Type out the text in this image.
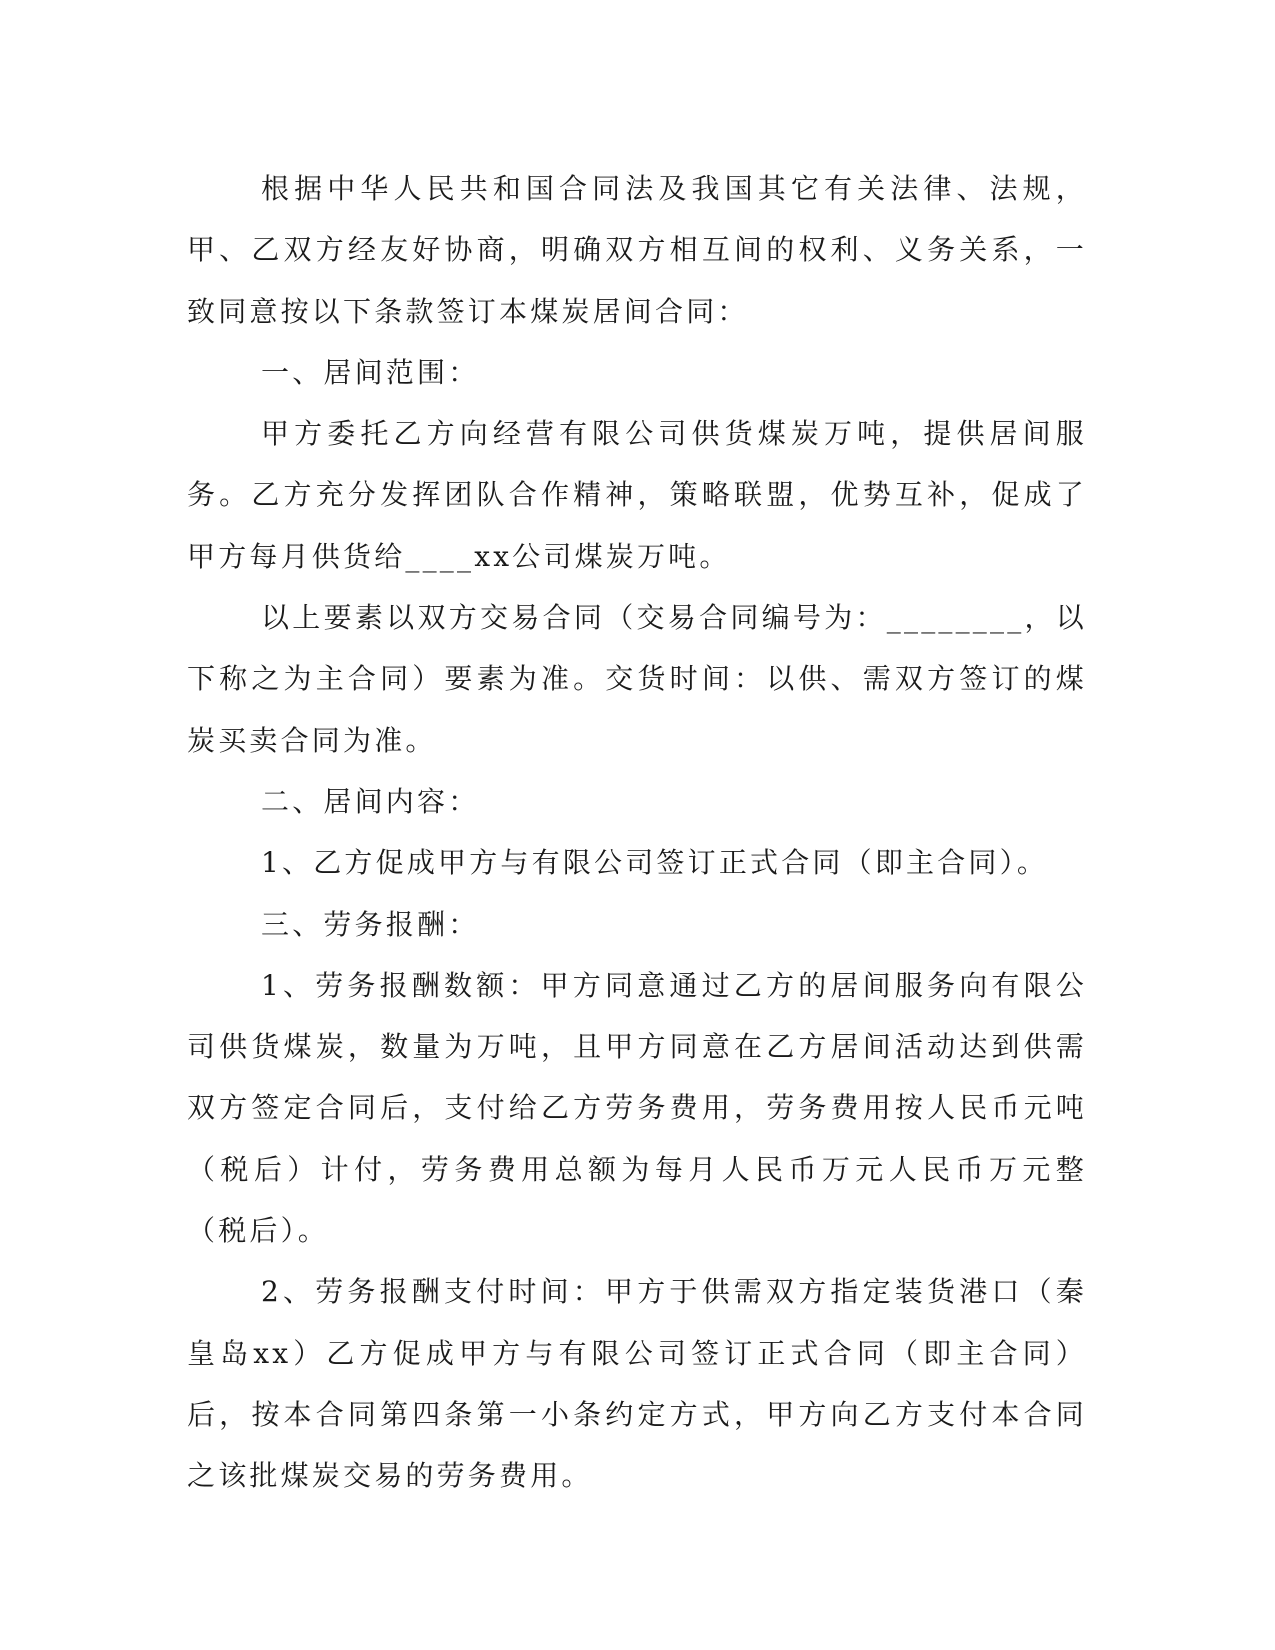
根据中华人民共和国合同法及我国其它有关法律、法规，甲、乙双方经友好协商，明确双方相互间的权利、义务关系，一致同意按以下条款签订本煤炭居间合同：

一、居间范围：

甲方委托乙方向经营有限公司供货煤炭万吨，提供居间服务。乙方充分发挥团队合作精神，策略联盟，优势互补，促成了甲方每月供货给____xx公司煤炭万吨。

以上要素以双方交易合同（交易合同编号为：________，以下称之为主合同）要素为准。交货时间：以供、需双方签订的煤炭买卖合同为准。

二、居间内容：

1、乙方促成甲方与有限公司签订正式合同（即主合同）。

三、劳务报酬：

1、劳务报酬数额：甲方同意通过乙方的居间服务向有限公司供货煤炭，数量为万吨，且甲方同意在乙方居间活动达到供需双方签定合同后，支付给乙方劳务费用，劳务费用按人民币元吨（税后）计付，劳务费用总额为每月人民币万元人民币万元整（税后）。

2、劳务报酬支付时间：甲方于供需双方指定装货港口（秦皇岛xx）乙方促成甲方与有限公司签订正式合同（即主合同）后，按本合同第四条第一小条约定方式，甲方向乙方支付本合同之该批煤炭交易的劳务费用。
